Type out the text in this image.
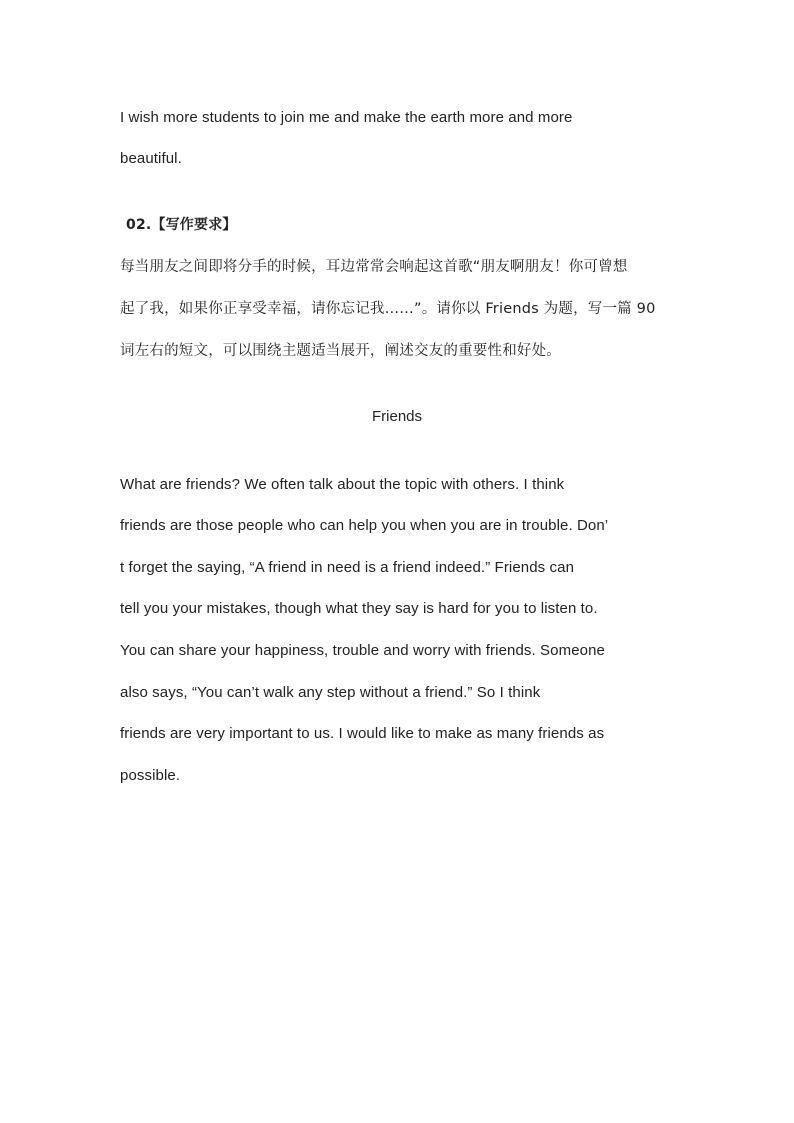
I wish more students to join me and make the earth more and more
beautiful.
02.【写作要求】
每当朋友之间即将分手的时候，耳边常常会响起这首歌“朋友啊朋友！你可曾想
起了我，如果你正享受幸福，请你忘记我……”。请你以 Friends 为题，写一篇 90
词左右的短文，可以围绕主题适当展开，阐述交友的重要性和好处。
Friends
What are friends? We often talk about the topic with others. I think
friends are those people who can help you when you are in trouble. Don’
t forget the saying, “A friend in need is a friend indeed.” Friends can
tell you your mistakes, though what they say is hard for you to listen to.
You can share your happiness, trouble and worry with friends. Someone
also says, “You can’t walk any step without a friend.” So I think
friends are very important to us. I would like to make as many friends as
possible.
